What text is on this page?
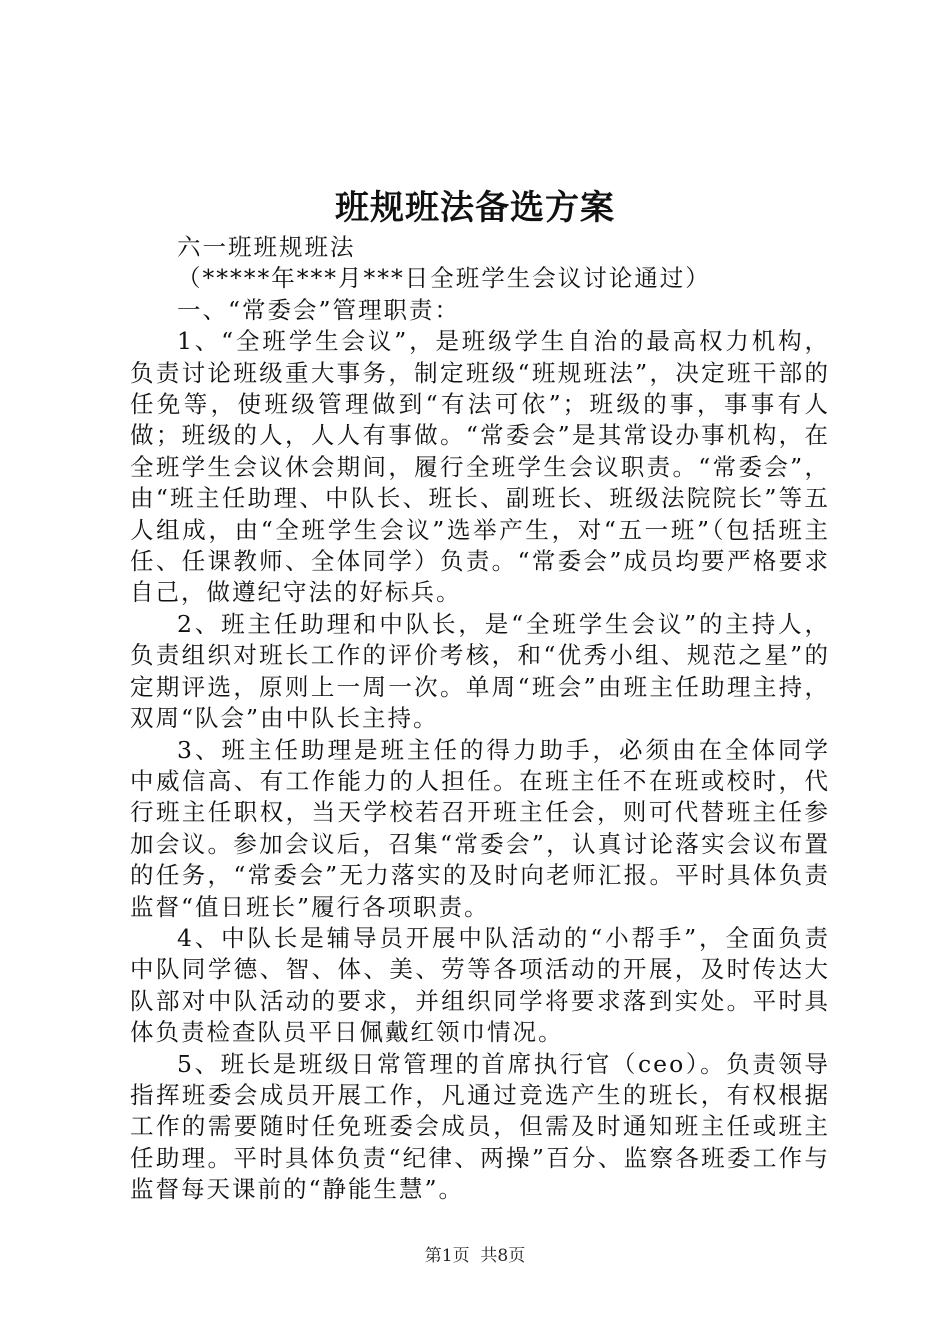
班规班法备选方案

六一班班规班法

（*****年***月***日全班学生会议讨论通过）

一、“常委会”管理职责：

1、“全班学生会议”，是班级学生自治的最高权力机构，负责讨论班级重大事务，制定班级“班规班法”，决定班干部的任免等，使班级管理做到“有法可依”；班级的事，事事有人做；班级的人，人人有事做。“常委会”是其常设办事机构，在全班学生会议休会期间，履行全班学生会议职责。“常委会”，由“班主任助理、中队长、班长、副班长、班级法院院长”等五人组成，由“全班学生会议”选举产生，对“五一班”（包括班主任、任课教师、全体同学）负责。“常委会”成员均要严格要求自己，做遵纪守法的好标兵。

2、班主任助理和中队长，是“全班学生会议”的主持人，负责组织对班长工作的评价考核，和“优秀小组、规范之星”的定期评选，原则上一周一次。单周“班会”由班主任助理主持，双周“队会”由中队长主持。

3、班主任助理是班主任的得力助手，必须由在全体同学中威信高、有工作能力的人担任。在班主任不在班或校时，代行班主任职权，当天学校若召开班主任会，则可代替班主任参加会议。参加会议后，召集“常委会”，认真讨论落实会议布置的任务，“常委会”无力落实的及时向老师汇报。平时具体负责监督“值日班长”履行各项职责。

4、中队长是辅导员开展中队活动的“小帮手”，全面负责中队同学德、智、体、美、劳等各项活动的开展，及时传达大队部对中队活动的要求，并组织同学将要求落到实处。平时具体负责检查队员平日佩戴红领巾情况。

5、班长是班级日常管理的首席执行官（ceo）。负责领导指挥班委会成员开展工作，凡通过竞选产生的班长，有权根据工作的需要随时任免班委会成员，但需及时通知班主任或班主任助理。平时具体负责“纪律、两操”百分、监察各班委工作与监督每天课前的“静能生慧”。

第1页 共8页
